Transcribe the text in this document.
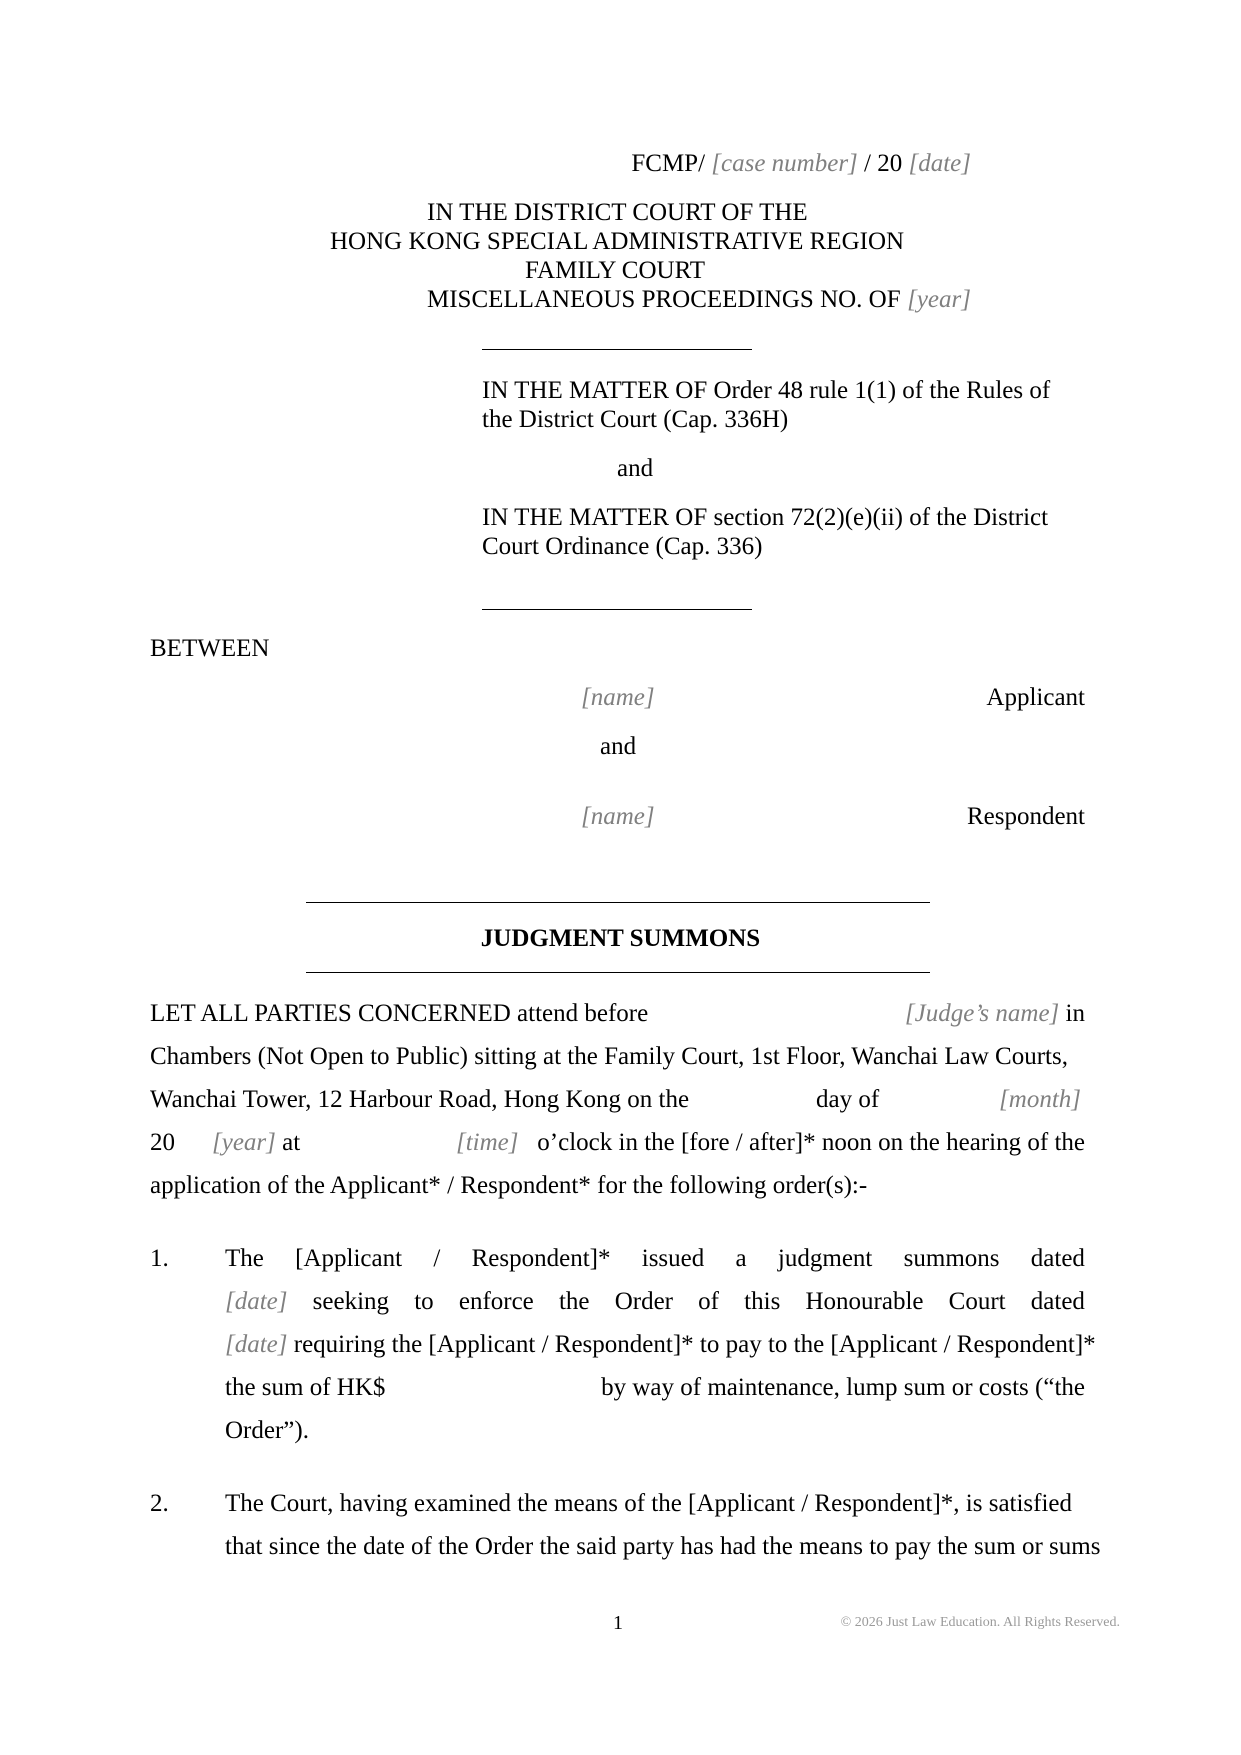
FCMP/ [case number] / 20 [date]
IN THE DISTRICT COURT OF THE
HONG KONG SPECIAL ADMINISTRATIVE REGION
FAMILY COURT
MISCELLANEOUS PROCEEDINGS NO. OF [year]
IN THE MATTER OF Order 48 rule 1(1) of the Rules of
the District Court (Cap. 336H)
and
IN THE MATTER OF section 72(2)(e)(ii) of the District
Court Ordinance (Cap. 336)
BETWEEN
[name]	Applicant
and
[name]	Respondent
JUDGMENT SUMMONS
LET ALL PARTIES CONCERNED attend before	[Judge’s name] in
Chambers (Not Open to Public) sitting at the Family Court, 1st Floor, Wanchai Law Courts,
Wanchai Tower, 12 Harbour Road, Hong Kong on the	day of	[month]
20 [year] at	[time] o’clock in the [fore / after]* noon on the hearing of the
application of the Applicant* / Respondent* for the following order(s):-
1. The [Applicant / Respondent]* issued a judgment summons dated
[date] seeking to enforce the Order of this Honourable Court dated
[date] requiring the [Applicant / Respondent]* to pay to the [Applicant / Respondent]*
the sum of HK$	by way of maintenance, lump sum or costs (“the
Order”).
2. The Court, having examined the means of the [Applicant / Respondent]*, is satisfied
that since the date of the Order the said party has had the means to pay the sum or sums
1	© 2026 Just Law Education. All Rights Reserved.
